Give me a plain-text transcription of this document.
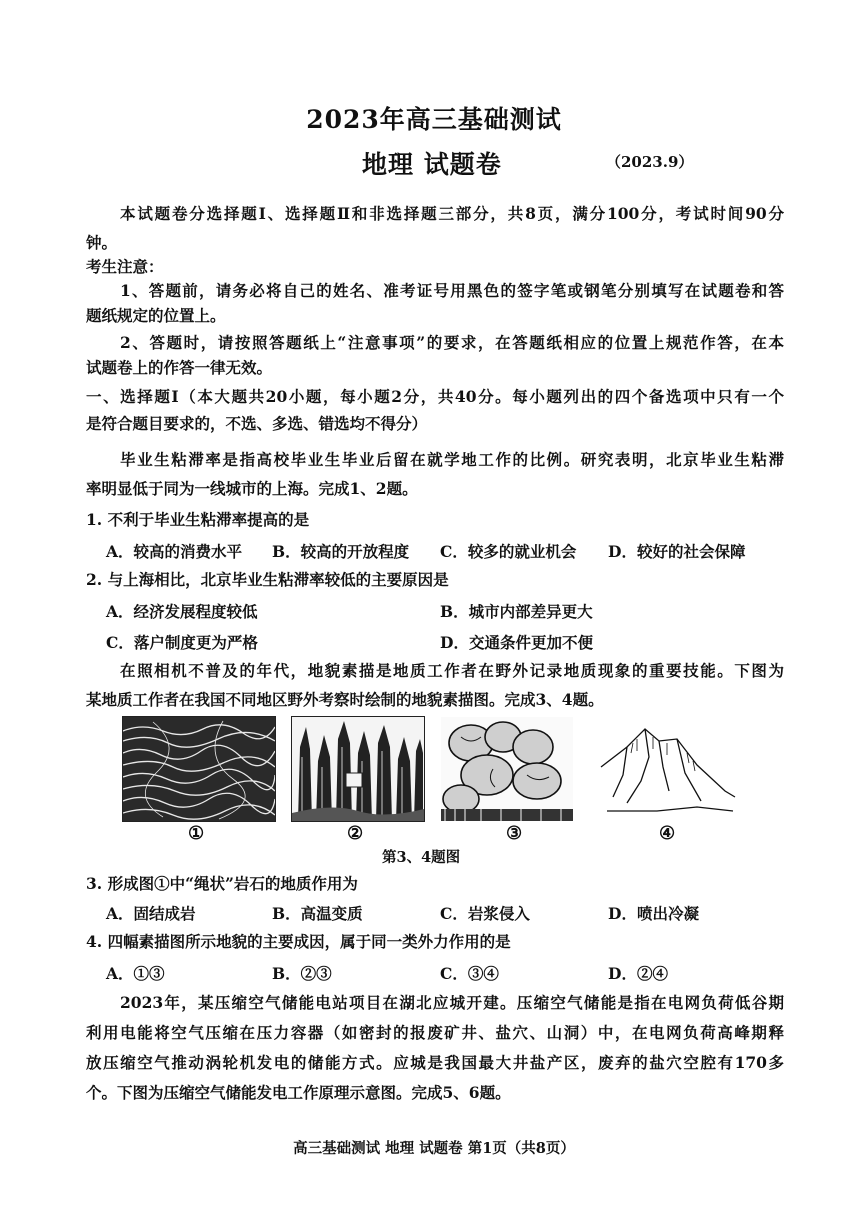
2023年高三基础测试
地理 试题卷	（2023.9）
本试题卷分选择题Ⅰ、选择题Ⅱ和非选择题三部分，共8页，满分100分，考试时间90分
钟。
考生注意：
1、答题前，请务必将自己的姓名、准考证号用黑色的签字笔或钢笔分别填写在试题卷和答
题纸规定的位置上。
2、答题时，请按照答题纸上“注意事项”的要求，在答题纸相应的位置上规范作答，在本
试题卷上的作答一律无效。
一、选择题Ⅰ（本大题共20小题，每小题2分，共40分。每小题列出的四个备选项中只有一个
是符合题目要求的，不选、多选、错选均不得分）
毕业生粘滞率是指高校毕业生毕业后留在就学地工作的比例。研究表明，北京毕业生粘滞
率明显低于同为一线城市的上海。完成1、2题。
1. 不利于毕业生粘滞率提高的是
A．较高的消费水平 B．较高的开放程度 C．较多的就业机会 D．较好的社会保障
2. 与上海相比，北京毕业生粘滞率较低的主要原因是
A．经济发展程度较低	B．城市内部差异更大
C．落户制度更为严格	D．交通条件更加不便
在照相机不普及的年代，地貌素描是地质工作者在野外记录地质现象的重要技能。下图为
某地质工作者在我国不同地区野外考察时绘制的地貌素描图。完成3、4题。
①	②	③	④
第3、4题图
3. 形成图①中“绳状”岩石的地质作用为
A．固结成岩	B．高温变质	C．岩浆侵入	D．喷出冷凝
4. 四幅素描图所示地貌的主要成因，属于同一类外力作用的是
A．①③	B．②③	C．③④	D．②④
2023年，某压缩空气储能电站项目在湖北应城开建。压缩空气储能是指在电网负荷低谷期
利用电能将空气压缩在压力容器（如密封的报废矿井、盐穴、山洞）中，在电网负荷高峰期释
放压缩空气推动涡轮机发电的储能方式。应城是我国最大井盐产区，废弃的盐穴空腔有170多
个。下图为压缩空气储能发电工作原理示意图。完成5、6题。
高三基础测试 地理 试题卷 第1页（共8页）
